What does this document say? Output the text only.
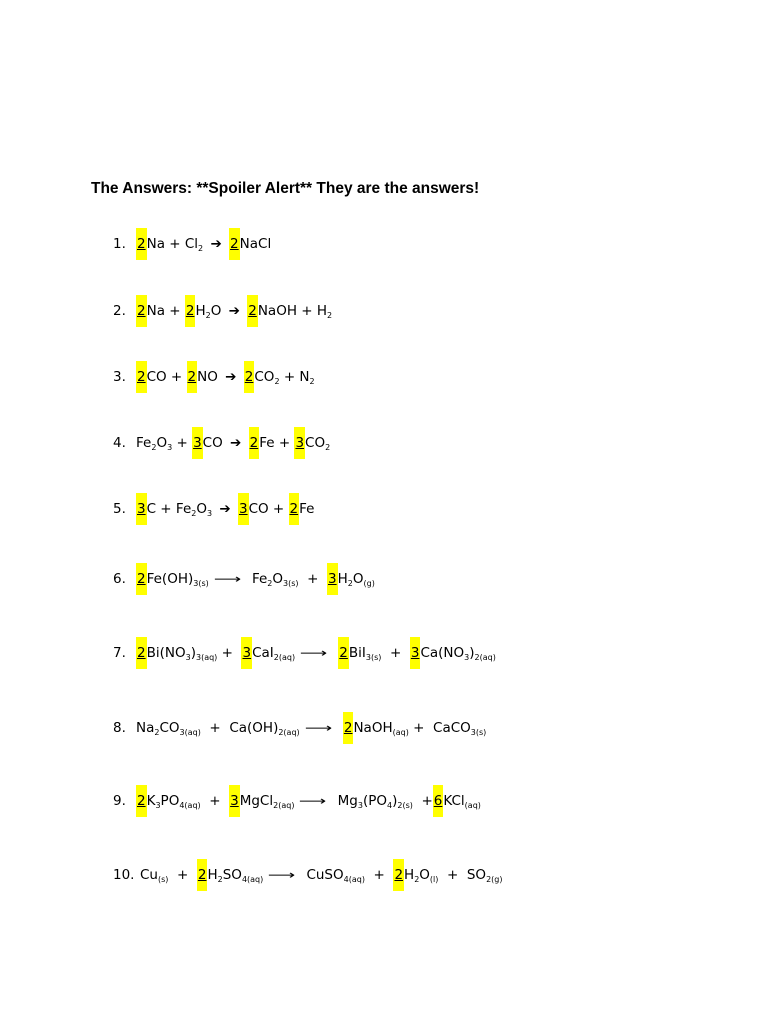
The Answers: **Spoiler Alert** They are the answers!
1. $2Na + Cl_2$ ➔ 2NaCl
2. $2Na + 2H_2O$ ➔ 2NaOH + $H_2$
3. 2CO + 2NO ➔ $2CO_2 + N_2$
4. $Fe_2O_3 + 3CO$ ➔ $2Fe + 3CO_2$
5. $3C + Fe_2O_3$ ➔ 3CO + 2Fe
6. $2Fe(OH)_{3(s)}$ ⟶ $Fe_2O_{3(s)} + 3H_2O_{(g)}$
7. $2Bi(NO_3)_{3(aq)} + 3CaI_{2(aq)}$ ⟶ $2BiI_{3(s)} + 3Ca(NO_3)_{2(aq)}$
8. $Na_2CO_{3(aq)} + Ca(OH)_{2(aq)}$ ⟶ 2NaOH$_{(aq)}$ +  CaCO$_{3(s)}$
9. $2K_3PO_{4(aq)}$  +  3MgCl$_{2(aq)}$ ⟶ $Mg_3(PO_4)_{2(s)} +6KCl_{(aq)}$
10. $Cu_{(s)} + 2H_2SO_{4(aq)}$ ⟶ CuSO$_{4(aq)}$  +  $2H_2O_{(l)} + SO_{2(g)}$
